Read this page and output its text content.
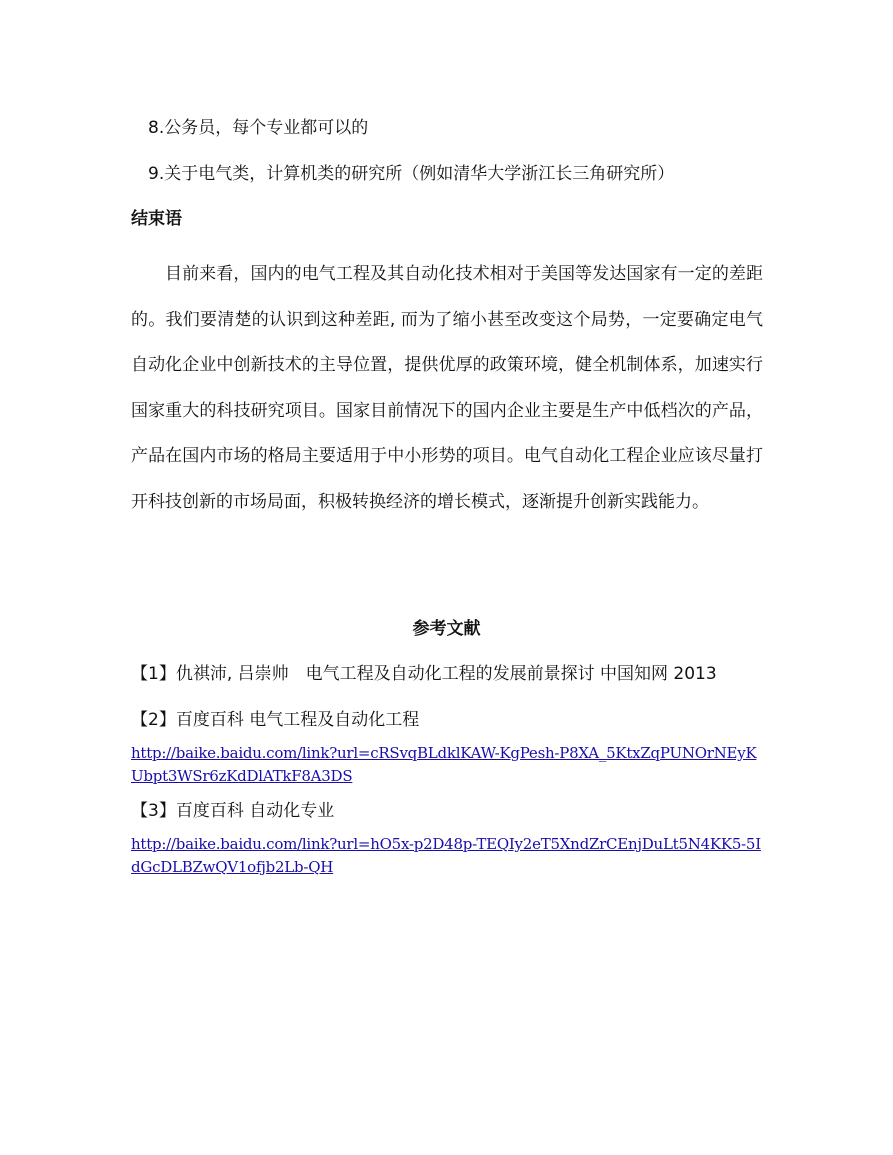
8.公务员，每个专业都可以的
9.关于电气类，计算机类的研究所（例如清华大学浙江长三角研究所）
结束语
目前来看，国内的电气工程及其自动化技术相对于美国等发达国家有一定的差距的。我们要清楚的认识到这种差距, 而为了缩小甚至改变这个局势，一定要确定电气自动化企业中创新技术的主导位置，提供优厚的政策环境，健全机制体系，加速实行国家重大的科技研究项目。国家目前情况下的国内企业主要是生产中低档次的产品，产品在国内市场的格局主要适用于中小形势的项目。电气自动化工程企业应该尽量打开科技创新的市场局面，积极转换经济的增长模式，逐渐提升创新实践能力。
参考文献
【1】仇祺沛, 吕崇帅　电气工程及自动化工程的发展前景探讨 中国知网 2013
【2】百度百科 电气工程及自动化工程
http://baike.baidu.com/link?url=cRSvqBLdklKAW-KgPesh-P8XA_5KtxZqPUNOrNEyKUbpt3WSr6zKdDlATkF8A3DS
【3】百度百科 自动化专业
http://baike.baidu.com/link?url=hO5x-p2D48p-TEQIy2eT5XndZrCEnjDuLt5N4KK5-5IdGcDLBZwQV1ofjb2Lb-QH
